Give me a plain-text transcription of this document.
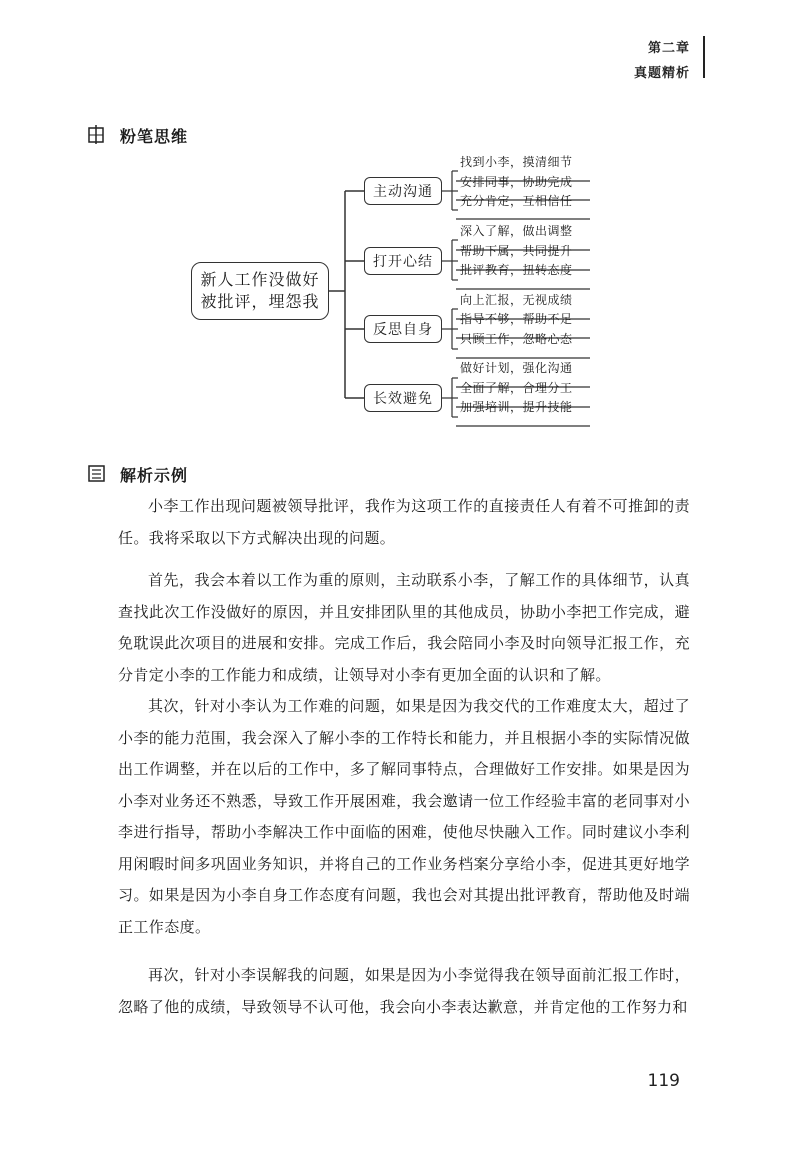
第二章
真题精析
粉笔思维
新人工作没做好
被批评，埋怨我
主动沟通
打开心结
反思自身
长效避免
找到小李，摸清细节
安排同事，协助完成
充分肯定，互相信任
深入了解，做出调整
帮助下属，共同提升
批评教育，扭转态度
向上汇报，无视成绩
指导不够，帮助不足
只顾工作，忽略心态
做好计划，强化沟通
全面了解，合理分工
加强培训，提升技能
解析示例
小李工作出现问题被领导批评，我作为这项工作的直接责任人有着不可推卸的责任。我将采取以下方式解决出现的问题。
首先，我会本着以工作为重的原则，主动联系小李，了解工作的具体细节，认真查找此次工作没做好的原因，并且安排团队里的其他成员，协助小李把工作完成，避免耽误此次项目的进展和安排。完成工作后，我会陪同小李及时向领导汇报工作，充分肯定小李的工作能力和成绩，让领导对小李有更加全面的认识和了解。
其次，针对小李认为工作难的问题，如果是因为我交代的工作难度太大，超过了小李的能力范围，我会深入了解小李的工作特长和能力，并且根据小李的实际情况做出工作调整，并在以后的工作中，多了解同事特点，合理做好工作安排。如果是因为小李对业务还不熟悉，导致工作开展困难，我会邀请一位工作经验丰富的老同事对小李进行指导，帮助小李解决工作中面临的困难，使他尽快融入工作。同时建议小李利用闲暇时间多巩固业务知识，并将自己的工作业务档案分享给小李，促进其更好地学习。如果是因为小李自身工作态度有问题，我也会对其提出批评教育，帮助他及时端正工作态度。
再次，针对小李误解我的问题，如果是因为小李觉得我在领导面前汇报工作时，忽略了他的成绩，导致领导不认可他，我会向小李表达歉意，并肯定他的工作努力和
119
